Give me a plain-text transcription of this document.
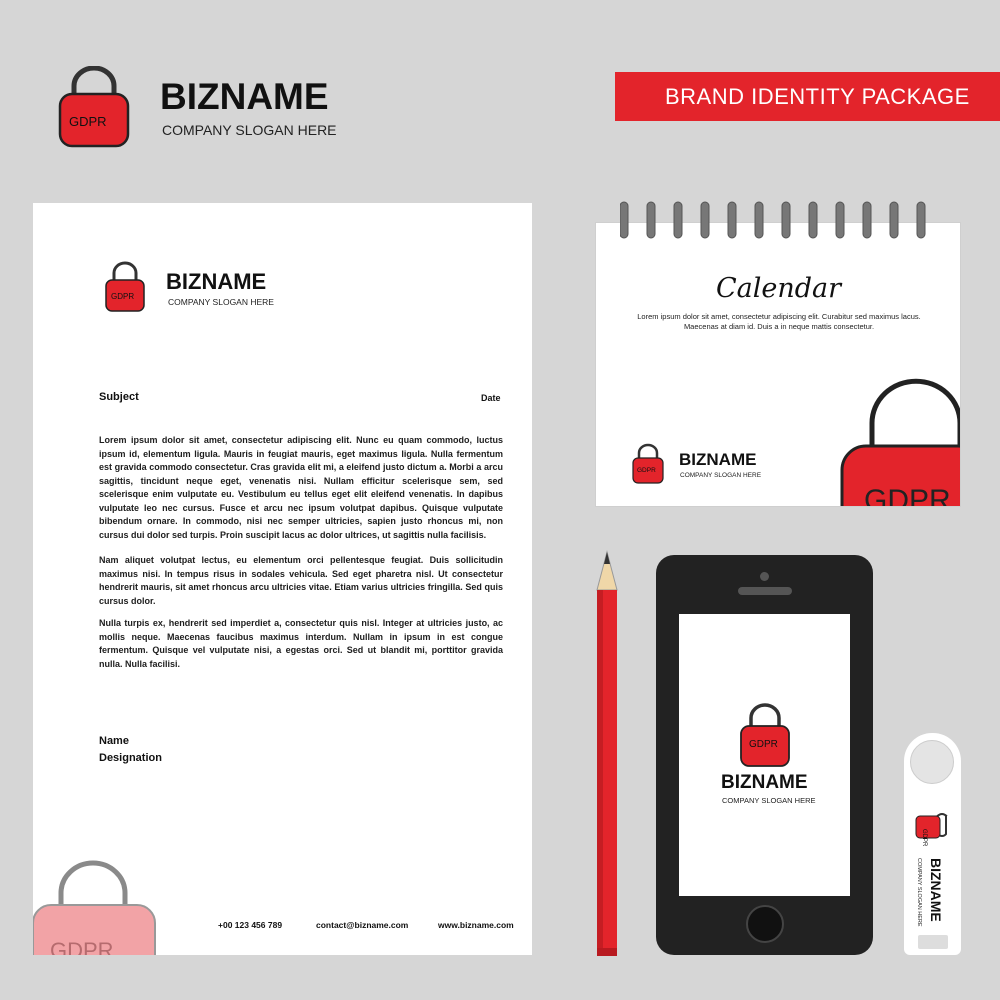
GDPR
BIZNAME
COMPANY SLOGAN HERE
BRAND IDENTITY PACKAGE
GDPR
BIZNAME
COMPANY SLOGAN HERE
Subject	Date
Lorem ipsum dolor sit amet, consectetur adipiscing elit. Nunc eu quam commodo, luctus ipsum id, elementum ligula. Mauris in feugiat mauris, eget maximus ligula. Nulla fermentum est gravida commodo consectetur. Cras gravida elit mi, a eleifend justo dictum a. Morbi a arcu sagittis, tincidunt neque eget, venenatis nisi. Nullam efficitur scelerisque sem, sed scelerisque enim vulputate eu. Vestibulum eu tellus eget elit eleifend venenatis. In dapibus vulputate leo nec cursus. Fusce et arcu nec ipsum volutpat dapibus. Quisque vulputate bibendum ornare. In commodo, nisi nec semper ultricies, sapien justo rhoncus mi, non cursus dui dolor sed turpis. Proin suscipit lacus ac dolor ultrices, ut sagittis nulla facilisis.
Nam aliquet volutpat lectus, eu elementum orci pellentesque feugiat. Duis sollicitudin maximus nisi. In tempus risus in sodales vehicula. Sed eget pharetra nisl. Ut consectetur hendrerit mauris, sit amet rhoncus arcu ultricies vitae. Etiam varius ultricies fringilla. Sed quis cursus dolor.
Nulla turpis ex, hendrerit sed imperdiet a, consectetur quis nisl. Integer at ultricies justo, ac mollis neque. Maecenas faucibus maximus interdum. Nullam in ipsum in est congue fermentum. Quisque vel vulputate nisi, a egestas orci. Sed ut blandit mi, porttitor gravida nulla. Nulla facilisi.
Name
Designation
GDPR
+00 123 456 789	contact@bizname.com	www.bizname.com
Calendar
Lorem ipsum dolor sit amet, consectetur adipiscing elit. Curabitur sed maximus lacus.
Maecenas at diam id. Duis a in neque mattis consectetur.
GDPR
BIZNAME
COMPANY SLOGAN HERE
GDPR
GDPR
BIZNAME
COMPANY SLOGAN HERE
GDPR
BIZNAME
COMPANY SLOGAN HERE
